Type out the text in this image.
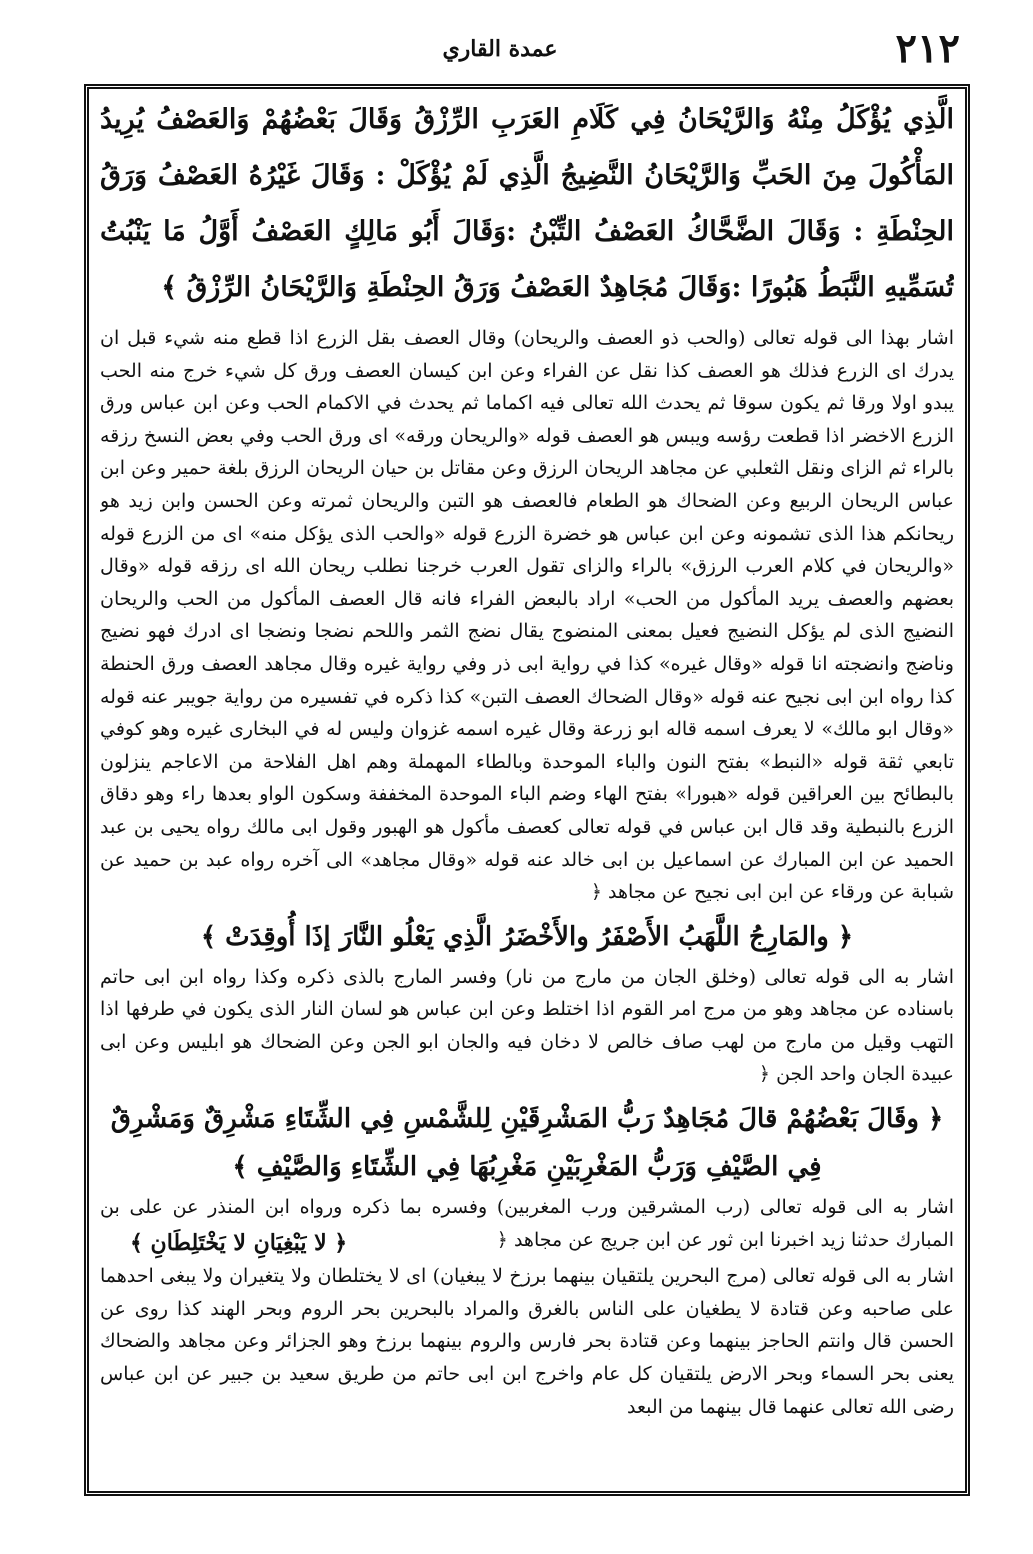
٢١٢
عمدة القاري

الَّذِي يُؤْكَلُ مِنْهُ وَالرَّيْحَانُ فِي كَلَامِ العَرَبِ الرِّزْقُ وَقَالَ بَعْضُهُمْ وَالعَصْفُ يُرِيدُ المَأْكُولَ مِنَ الحَبِّ وَالرَّيْحَانُ النَّضِيجُ الَّذِي لَمْ يُؤْكَلْ : وَقَالَ غَيْرُهُ العَصْفُ وَرَقُ الحِنْطَةِ : وَقَالَ الضَّحَّاكُ العَصْفُ التِّبْنُ :وَقَالَ أَبُو مَالِكٍ العَصْفُ أَوَّلُ مَا يَنْبُتُ تُسَمِّيهِ النَّبَطُ هَبُورًا :وَقَالَ مُجَاهِدٌ العَصْفُ وَرَقُ الحِنْطَةِ وَالرَّيْحَانُ الرِّزْقُ ﴾

اشار بهذا الى قوله تعالى (والحب ذو العصف والريحان) وقال العصف بقل الزرع اذا قطع منه شيء قبل ان يدرك اى الزرع فذلك هو العصف كذا نقل عن الفراء وعن ابن كيسان العصف ورق كل شيء خرج منه الحب يبدو اولا ورقا ثم يكون سوقا ثم يحدث الله تعالى فيه اكماما ثم يحدث في الاكمام الحب وعن ابن عباس ورق الزرع الاخضر اذا قطعت رؤسه ويبس هو العصف قوله «والريحان ورقه» اى ورق الحب وفي بعض النسخ رزقه بالراء ثم الزاى ونقل الثعلبي عن مجاهد الريحان الرزق وعن مقاتل بن حيان الريحان الرزق بلغة حمير وعن ابن عباس الريحان الربيع وعن الضحاك هو الطعام فالعصف هو التبن والريحان ثمرته وعن الحسن وابن زيد هو ريحانكم هذا الذى تشمونه وعن ابن عباس هو خضرة الزرع قوله «والحب الذى يؤكل منه» اى من الزرع قوله «والريحان في كلام العرب الرزق» بالراء والزاى تقول العرب خرجنا نطلب ريحان الله اى رزقه قوله «وقال بعضهم والعصف يريد المأكول من الحب» اراد بالبعض الفراء فانه قال العصف المأكول من الحب والريحان النضيج الذى لم يؤكل النضيج فعيل بمعنى المنضوج يقال نضج الثمر واللحم نضجا ونضجا اى ادرك فهو نضيج وناضج وانضجته انا قوله «وقال غيره» كذا في رواية ابى ذر وفي رواية غيره وقال مجاهد العصف ورق الحنطة كذا رواه ابن ابى نجيح عنه قوله «وقال الضحاك العصف التبن» كذا ذكره في تفسيره من رواية جويبر عنه قوله «وقال ابو مالك» لا يعرف اسمه قاله ابو زرعة وقال غيره اسمه غزوان وليس له في البخارى غيره وهو كوفي تابعي ثقة قوله «النبط» بفتح النون والباء الموحدة وبالطاء المهملة وهم اهل الفلاحة من الاعاجم ينزلون بالبطائح بين العراقين قوله «هبورا» بفتح الهاء وضم الباء الموحدة المخففة وسكون الواو بعدها راء وهو دقاق الزرع بالنبطية وقد قال ابن عباس في قوله تعالى كعصف مأكول هو الهبور وقول ابى مالك رواه يحيى بن عبد الحميد عن ابن المبارك عن اسماعيل بن ابى خالد عنه قوله «وقال مجاهد» الى آخره رواه عبد بن حميد عن شبابة عن ورقاء عن ابن ابى نجيح عن مجاهد ﴿

﴿ والمَارِجُ اللَّهَبُ الأَصْفَرُ والأَخْضَرُ الَّذِي يَعْلُو النَّارَ إذَا أُوقِدَتْ ﴾

اشار به الى قوله تعالى (وخلق الجان من مارج من نار) وفسر المارج بالذى ذكره وكذا رواه ابن ابى حاتم باسناده عن مجاهد وهو من مرج امر القوم اذا اختلط وعن ابن عباس هو لسان النار الذى يكون في طرفها اذا التهب وقيل من مارج من لهب صاف خالص لا دخان فيه والجان ابو الجن وعن الضحاك هو ابليس وعن ابى عبيدة الجان واحد الجن ﴿

﴿ وقَالَ بَعْضُهُمْ قالَ مُجَاهِدٌ رَبُّ المَشْرِقَيْنِ لِلشَّمْسِ فِي الشِّتَاءِ مَشْرِقٌ وَمَشْرِقٌ فِي الصَّيْفِ وَرَبُّ المَغْرِبَيْنِ مَغْرِبُهَا فِي الشِّتَاءِ وَالصَّيْفِ ﴾

اشار به الى قوله تعالى (رب المشرقين ورب المغربين) وفسره بما ذكره ورواه ابن المنذر عن على بن المبارك حدثنا زيد اخبرنا ابن ثور عن ابن جريج عن مجاهد ﴿

﴿ لا يَبْغِيَانِ لا يَخْتَلِطَانِ ﴾

اشار به الى قوله تعالى (مرج البحرين يلتقيان بينهما برزخ لا يبغيان) اى لا يختلطان ولا يتغيران ولا يبغى احدهما على صاحبه وعن قتادة لا يطغيان على الناس بالغرق والمراد بالبحرين بحر الروم وبحر الهند كذا روى عن الحسن قال وانتم الحاجز بينهما وعن قتادة بحر فارس والروم بينهما برزخ وهو الجزائر وعن مجاهد والضحاك يعنى بحر السماء وبحر الارض يلتقيان كل عام واخرج ابن ابى حاتم من طريق سعيد بن جبير عن ابن عباس رضى الله تعالى عنهما قال بينهما من البعد
